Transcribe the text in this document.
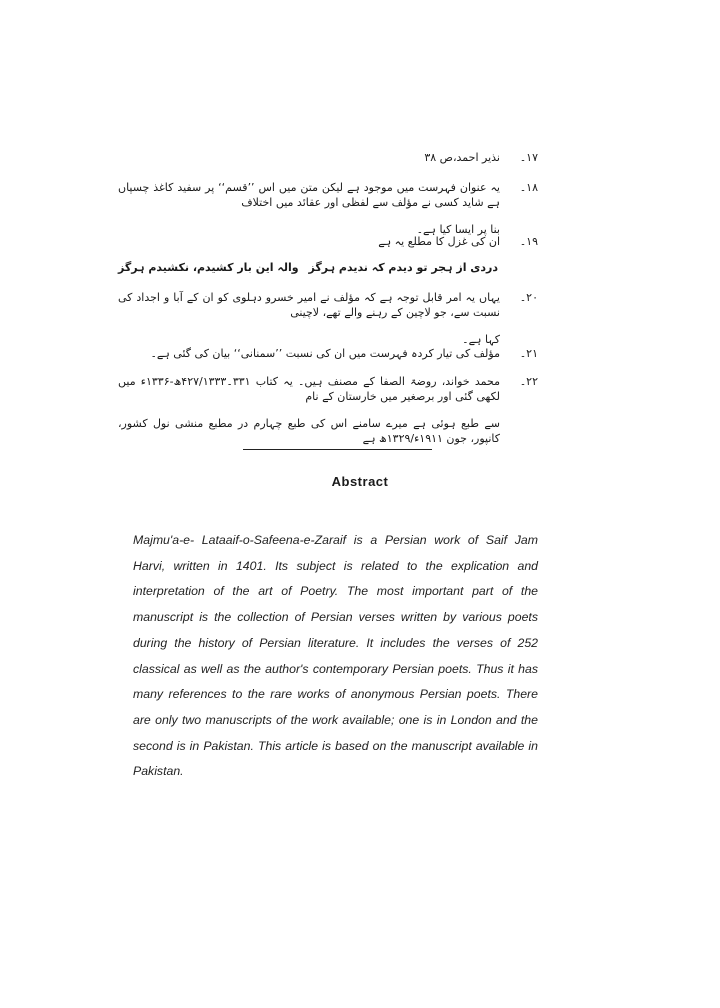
۱۷۔
نذیر احمد،ص ۳۸
۱۸۔
یہ عنوان فہرست میں موجود ہے لیکن متن میں اس ’’قسم‘‘ پر سفید کاغذ چسپاں ہے شاید کسی نے مؤلف سے لفظی اور عقائد میں اختلاف
بنا پر ایسا کیا ہے۔
۱۹۔
ان کی غزل کا مطلع یہ ہے
دردی از ہجر تو دیدم کہ ندیدم ہرگز
والہ این بار کشیدم، نکشیدم ہرگز
۲۰۔
یہاں یہ امر قابل توجہ ہے کہ مؤلف نے امیر خسرو دہلوی کو ان کے آبا و اجداد کی نسبت سے، جو لاچین کے رہنے والے تھے، لاچینی
کہا ہے۔
۲۱۔
مؤلف کی تیار کردہ فہرست میں ان کی نسبت ’’سمنانی‘‘ بیان کی گئی ہے۔
۲۲۔
محمد خواند، روضۃ الصفا کے مصنف ہیں۔ یہ کتاب ۳۳۱۔۴۲۷/۱۳۳۳ھ-۱۳۳۶ء میں لکھی گئی اور برصغیر میں خارستان کے نام
سے طبع ہوئی ہے میرے سامنے اس کی طبع چہارم در مطبع منشی نول کشور، کانپور، جون ۱۹۱۱ء/۱۳۲۹ھ ہے
Abstract
Majmu'a-e- Lataaif-o-Safeena-e-Zaraif is a Persian work of Saif Jam Harvi, written in 1401. Its subject is related to the explication and interpretation of the art of Poetry. The most important part of the manuscript is the collection of Persian verses written by various poets during the history of Persian literature. It includes the verses of 252 classical as well as the author's contemporary Persian poets. Thus it has many references to the rare works of anonymous Persian poets. There are only two manuscripts of the work available; one is in London and the second is in Pakistan. This article is based on the manuscript available in Pakistan.
